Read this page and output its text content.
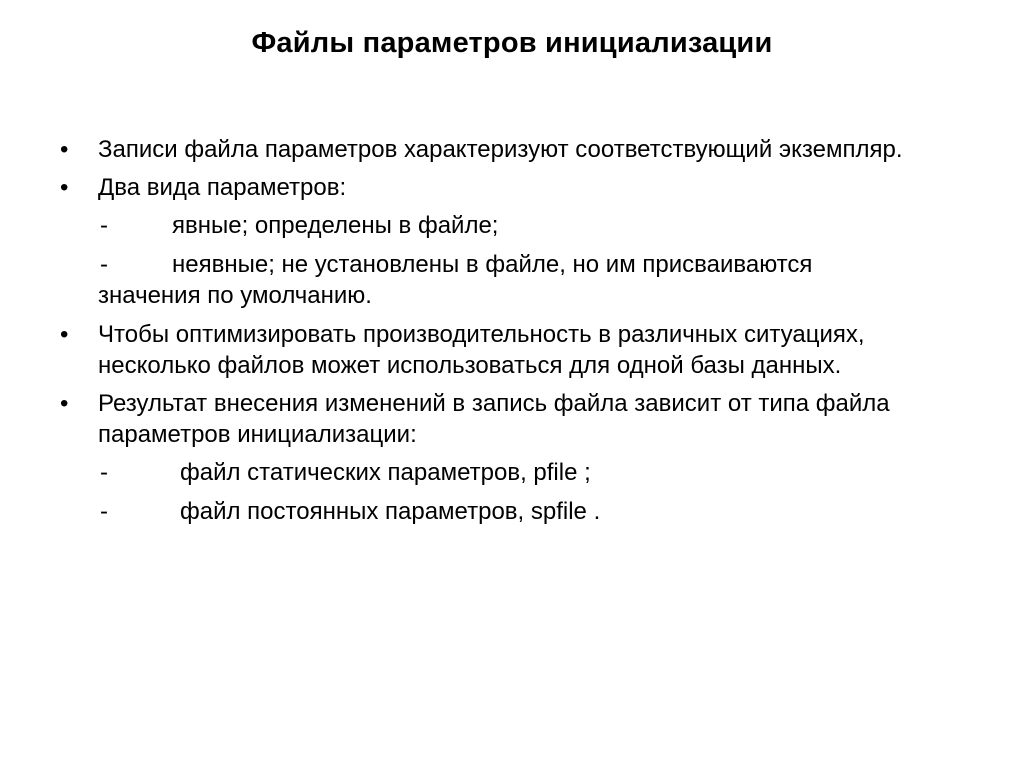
Файлы параметров инициализации
• Записи файла параметров характеризуют соответствующий экземпляр.
• Два вида параметров:
-	явные; определены в файле;
-	неявные; не установлены в файле, но им присваиваются
значения по умолчанию.
• Чтобы оптимизировать производительность в различных ситуациях, несколько файлов может использоваться для одной базы данных.
• Результат внесения изменений в запись файла зависит от типа файла параметров инициализации:
-	файл статических параметров, pfile ;
-	файл постоянных параметров, spfile .
